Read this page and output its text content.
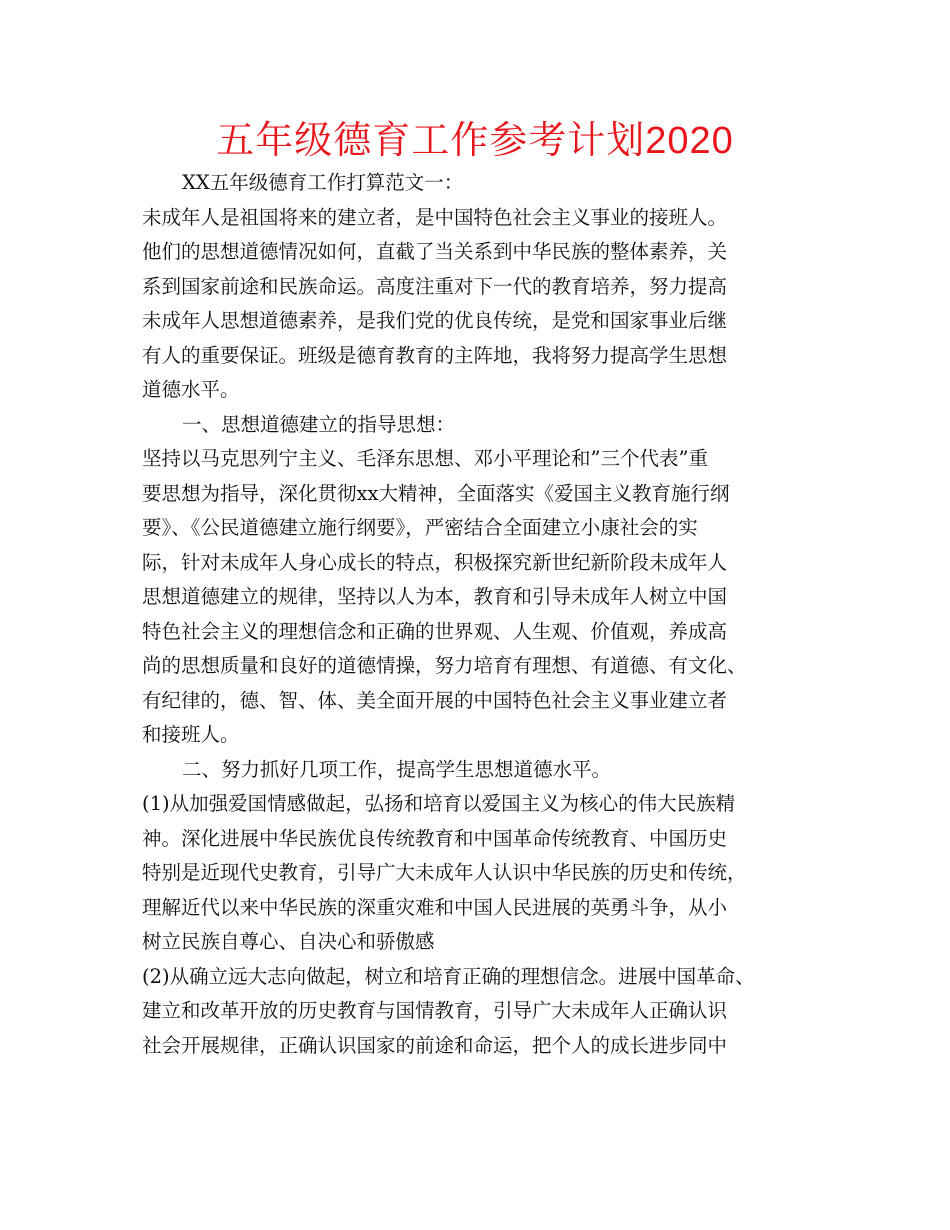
五年级德育工作参考计划2020

XX五年级德育工作打算范文一：

未成年人是祖国将来的建立者，是中国特色社会主义事业的接班人。

他们的思想道德情况如何，直截了当关系到中华民族的整体素养，关

系到国家前途和民族命运。高度注重对下一代的教育培养，努力提高

未成年人思想道德素养，是我们党的优良传统，是党和国家事业后继

有人的重要保证。班级是德育教育的主阵地，我将努力提高学生思想

道德水平。

一、思想道德建立的指导思想：

坚持以马克思列宁主义、毛泽东思想、邓小平理论和”三个代表”重

要思想为指导，深化贯彻xx大精神，全面落实《爱国主义教育施行纲

要》、《公民道德建立施行纲要》，严密结合全面建立小康社会的实

际，针对未成年人身心成长的特点，积极探究新世纪新阶段未成年人

思想道德建立的规律，坚持以人为本，教育和引导未成年人树立中国

特色社会主义的理想信念和正确的世界观、人生观、价值观，养成高

尚的思想质量和良好的道德情操，努力培育有理想、有道德、有文化、

有纪律的，德、智、体、美全面开展的中国特色社会主义事业建立者

和接班人。

二、努力抓好几项工作，提高学生思想道德水平。

(1)从加强爱国情感做起，弘扬和培育以爱国主义为核心的伟大民族精

神。深化进展中华民族优良传统教育和中国革命传统教育、中国历史

特别是近现代史教育，引导广大未成年人认识中华民族的历史和传统，

理解近代以来中华民族的深重灾难和中国人民进展的英勇斗争，从小

树立民族自尊心、自决心和骄傲感

(2)从确立远大志向做起，树立和培育正确的理想信念。进展中国革命、

建立和改革开放的历史教育与国情教育，引导广大未成年人正确认识

社会开展规律，正确认识国家的前途和命运，把个人的成长进步同中
